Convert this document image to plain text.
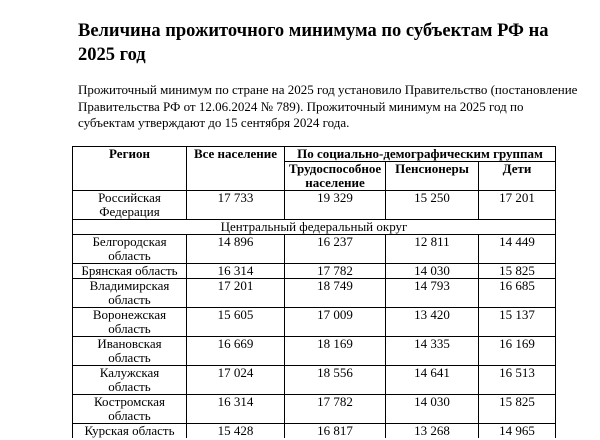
Величина прожиточного минимума по субъектам РФ на
2025 год

Прожиточный минимум по стране на 2025 год установило Правительство (постановление
Правительства РФ от 12.06.2024 № 789). Прожиточный минимум на 2025 год по
субъектам утверждают до 15 сентября 2024 года.

Регион	Все население	По социально-демографическим группам		
		Трудоспособное население	Пенсионеры	Дети
Российская Федерация	17 733	19 329	15 250	17 201
Центральный федеральный округ				
Белгородская область	14 896	16 237	12 811	14 449
Брянская область	16 314	17 782	14 030	15 825
Владимирская область	17 201	18 749	14 793	16 685
Воронежская область	15 605	17 009	13 420	15 137
Ивановская область	16 669	18 169	14 335	16 169
Калужская область	17 024	18 556	14 641	16 513
Костромская область	16 314	17 782	14 030	15 825
Курская область	15 428	16 817	13 268	14 965
